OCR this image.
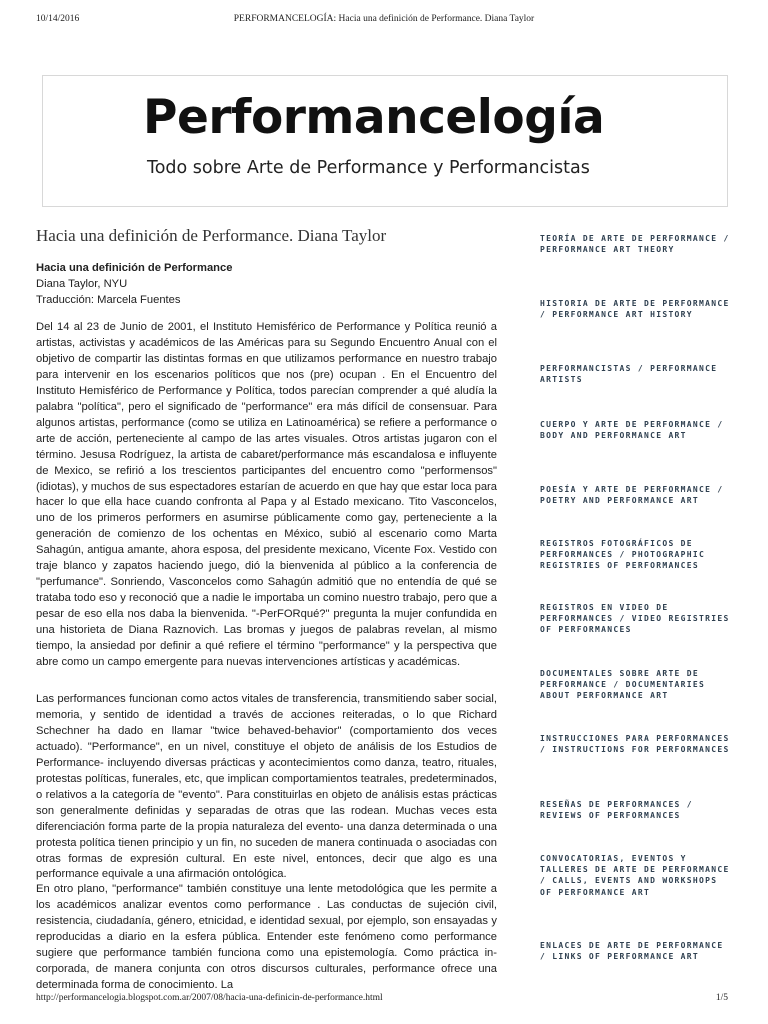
10/14/2016	PERFORMANCELOGÍA: Hacia una definición de Performance. Diana Taylor
Performancelogía
Todo sobre Arte de Performance y Performancistas
Hacia una definición de Performance. Diana Taylor
Hacia una definición de Performance
Diana Taylor, NYU
Traducción: Marcela Fuentes

Del 14 al 23 de Junio de 2001, el Instituto Hemisférico de Performance y Política reunió a artistas, activistas y académicos de las Américas para su Segundo Encuentro Anual con el objetivo de compartir las distintas formas en que utilizamos performance en nuestro trabajo para intervenir en los escenarios políticos que nos (pre) ocupan . En el Encuentro del Instituto Hemisférico de Performance y Política, todos parecían comprender a qué aludía la palabra "política", pero el significado de "performance" era más difícil de consensuar. Para algunos artistas, performance (como se utiliza en Latinoamérica) se refiere a performance o arte de acción, perteneciente al campo de las artes visuales. Otros artistas jugaron con el término. Jesusa Rodríguez, la artista de cabaret/performance más escandalosa e influyente de Mexico, se refirió a los trescientos participantes del encuentro como "performensos" (idiotas), y muchos de sus espectadores estarían de acuerdo en que hay que estar loca para hacer lo que ella hace cuando confronta al Papa y al Estado mexicano. Tito Vasconcelos, uno de los primeros performers en asumirse públicamente como gay, perteneciente a la generación de comienzo de los ochentas en México, subió al escenario como Marta Sahagún, antigua amante, ahora esposa, del presidente mexicano, Vicente Fox. Vestido con traje blanco y zapatos haciendo juego, dió la bienvenida al público a la conferencia de "perfumance". Sonriendo, Vasconcelos como Sahagún admitió que no entendía de qué se trataba todo eso y reconoció que a nadie le importaba un comino nuestro trabajo, pero que a pesar de eso ella nos daba la bienvenida. "-PerFORqué?" pregunta la mujer confundida en una historieta de Diana Raznovich. Las bromas y juegos de palabras revelan, al mismo tiempo, la ansiedad por definir a qué refiere el término "performance" y la perspectiva que abre como un campo emergente para nuevas intervenciones artísticas y académicas.

Las performances funcionan como actos vitales de transferencia, transmitiendo saber social, memoria, y sentido de identidad a través de acciones reiteradas, o lo que Richard Schechner ha dado en llamar "twice behaved-behavior" (comportamiento dos veces actuado). "Performance", en un nivel, constituye el objeto de análisis de los Estudios de Performance- incluyendo diversas prácticas y acontecimientos como danza, teatro, rituales, protestas políticas, funerales, etc, que implican comportamientos teatrales, predeterminados, o relativos a la categoría de "evento". Para constituirlas en objeto de análisis estas prácticas son generalmente definidas y separadas de otras que las rodean. Muchas veces esta diferenciación forma parte de la propia naturaleza del evento- una danza determinada o una protesta política tienen principio y un fin, no suceden de manera continuada o asociadas con otras formas de expresión cultural. En este nivel, entonces, decir que algo es una performance equivale a una afirmación ontológica.

En otro plano, "performance" también constituye una lente metodológica que les permite a los académicos analizar eventos como performance . Las conductas de sujeción civil, resistencia, ciudadanía, género, etnicidad, e identidad sexual, por ejemplo, son ensayadas y reproducidas a diario en la esfera pública. Entender este fenómeno como performance sugiere que performance también funciona como una epistemología. Como práctica in-corporada, de manera conjunta con otros discursos culturales, performance ofrece una determinada forma de conocimiento. La

TEORÍA DE ARTE DE PERFORMANCE / PERFORMANCE ART THEORY
HISTORIA DE ARTE DE PERFORMANCE / PERFORMANCE ART HISTORY
PERFORMANCISTAS / PERFORMANCE ARTISTS
CUERPO Y ARTE DE PERFORMANCE / BODY AND PERFORMANCE ART
POESÍA Y ARTE DE PERFORMANCE / POETRY AND PERFORMANCE ART
REGISTROS FOTOGRÁFICOS DE PERFORMANCES / PHOTOGRAPHIC REGISTRIES OF PERFORMANCES
REGISTROS EN VIDEO DE PERFORMANCES / VIDEO REGISTRIES OF PERFORMANCES
DOCUMENTALES SOBRE ARTE DE PERFORMANCE / DOCUMENTARIES ABOUT PERFORMANCE ART
INSTRUCCIONES PARA PERFORMANCES / INSTRUCTIONS FOR PERFORMANCES
RESEÑAS DE PERFORMANCES / REVIEWS OF PERFORMANCES
CONVOCATORIAS, EVENTOS Y TALLERES DE ARTE DE PERFORMANCE / CALLS, EVENTS AND WORKSHOPS OF PERFORMANCE ART
ENLACES DE ARTE DE PERFORMANCE / LINKS OF PERFORMANCE ART
http://performancelogia.blogspot.com.ar/2007/08/hacia-una-definicin-de-performance.html	1/5
